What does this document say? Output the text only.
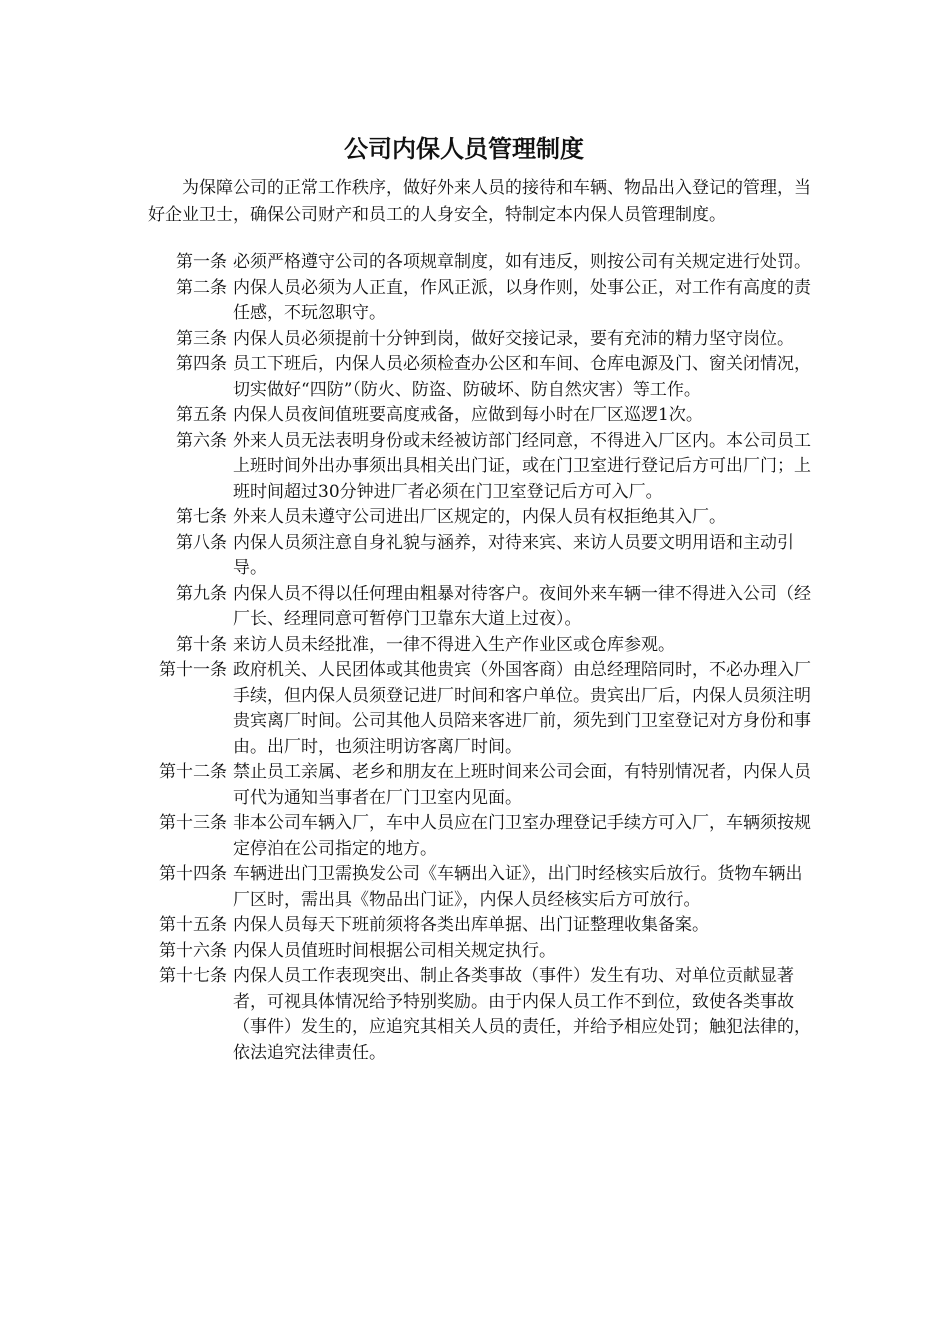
公司内保人员管理制度

为保障公司的正常工作秩序，做好外来人员的接待和车辆、物品出入登记的管理，当好企业卫士，确保公司财产和员工的人身安全，特制定本内保人员管理制度。

第一条 必须严格遵守公司的各项规章制度，如有违反，则按公司有关规定进行处罚。
第二条 内保人员必须为人正直，作风正派，以身作则，处事公正，对工作有高度的责任感，不玩忽职守。
第三条 内保人员必须提前十分钟到岗，做好交接记录，要有充沛的精力坚守岗位。
第四条 员工下班后，内保人员必须检查办公区和车间、仓库电源及门、窗关闭情况，切实做好“四防”（防火、防盗、防破坏、防自然灾害）等工作。
第五条 内保人员夜间值班要高度戒备，应做到每小时在厂区巡逻1次。
第六条 外来人员无法表明身份或未经被访部门经同意，不得进入厂区内。本公司员工上班时间外出办事须出具相关出门证，或在门卫室进行登记后方可出厂门；上班时间超过30分钟进厂者必须在门卫室登记后方可入厂。
第七条 外来人员未遵守公司进出厂区规定的，内保人员有权拒绝其入厂。
第八条 内保人员须注意自身礼貌与涵养，对待来宾、来访人员要文明用语和主动引导。
第九条 内保人员不得以任何理由粗暴对待客户。夜间外来车辆一律不得进入公司（经厂长、经理同意可暂停门卫靠东大道上过夜）。
第十条 来访人员未经批准，一律不得进入生产作业区或仓库参观。
第十一条 政府机关、人民团体或其他贵宾（外国客商）由总经理陪同时，不必办理入厂手续，但内保人员须登记进厂时间和客户单位。贵宾出厂后，内保人员须注明贵宾离厂时间。公司其他人员陪来客进厂前，须先到门卫室登记对方身份和事由。出厂时，也须注明访客离厂时间。
第十二条 禁止员工亲属、老乡和朋友在上班时间来公司会面，有特别情况者，内保人员可代为通知当事者在厂门卫室内见面。
第十三条 非本公司车辆入厂，车中人员应在门卫室办理登记手续方可入厂，车辆须按规定停泊在公司指定的地方。
第十四条 车辆进出门卫需换发公司《车辆出入证》，出门时经核实后放行。货物车辆出厂区时，需出具《物品出门证》，内保人员经核实后方可放行。
第十五条 内保人员每天下班前须将各类出库单据、出门证整理收集备案。
第十六条 内保人员值班时间根据公司相关规定执行。
第十七条 内保人员工作表现突出、制止各类事故（事件）发生有功、对单位贡献显著者，可视具体情况给予特别奖励。由于内保人员工作不到位，致使各类事故（事件）发生的，应追究其相关人员的责任，并给予相应处罚；触犯法律的，依法追究法律责任。
